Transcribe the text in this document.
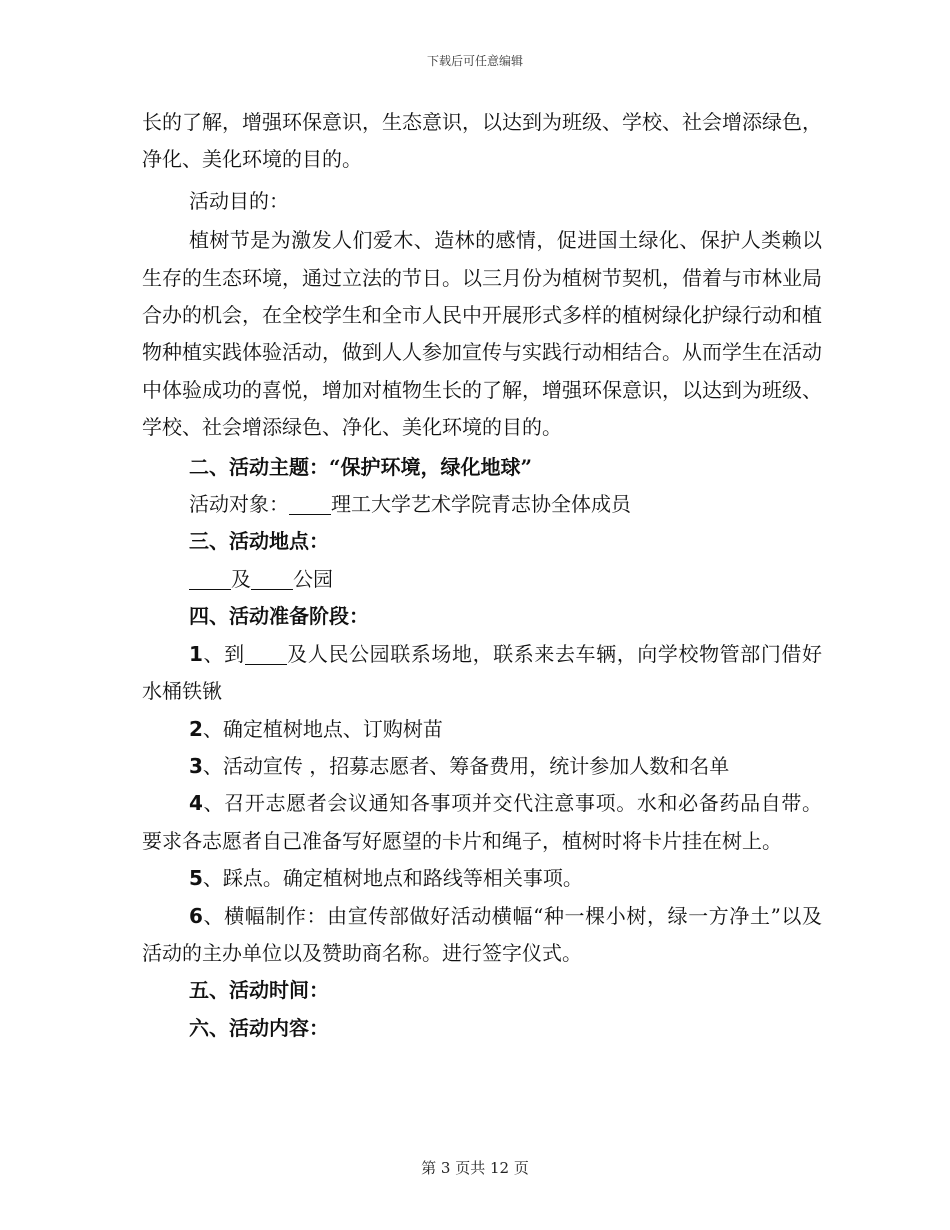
下载后可任意编辑

长的了解，增强环保意识，生态意识，以达到为班级、学校、社会增添绿色，净化、美化环境的目的。

活动目的：

植树节是为激发人们爱木、造林的感情，促进国土绿化、保护人类赖以生存的生态环境，通过立法的节日。以三月份为植树节契机，借着与市林业局合办的机会，在全校学生和全市人民中开展形式多样的植树绿化护绿行动和植物种植实践体验活动，做到人人参加宣传与实践行动相结合。从而学生在活动中体验成功的喜悦，增加对植物生长的了解，增强环保意识，以达到为班级、学校、社会增添绿色、净化、美化环境的目的。

二、活动主题：“保护环境，绿化地球”

活动对象： 理工大学艺术学院青志协全体成员

三、活动地点：

及 公园

四、活动准备阶段：

1、到 及人民公园联系场地，联系来去车辆，向学校物管部门借好水桶铁锹

2、确定植树地点、订购树苗

3、活动宣传 ，招募志愿者、筹备费用，统计参加人数和名单

4、召开志愿者会议通知各事项并交代注意事项。水和必备药品自带。要求各志愿者自己准备写好愿望的卡片和绳子，植树时将卡片挂在树上。

5、踩点。确定植树地点和路线等相关事项。

6、横幅制作：由宣传部做好活动横幅“种一棵小树，绿一方净土”以及活动的主办单位以及赞助商名称。进行签字仪式。

五、活动时间：

六、活动内容：

第 3 页共 12 页
